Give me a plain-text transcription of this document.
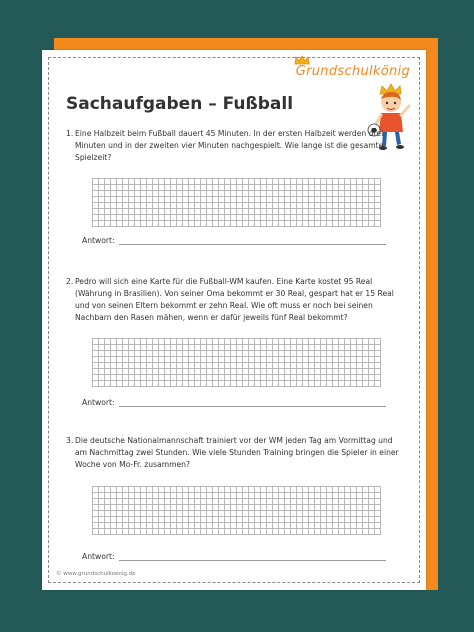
Grundschulkönig
Sachaufgaben – Fußball
1. Eine Halbzeit beim Fußball dauert 45 Minuten. In der ersten Halbzeit werden drei Minuten und in der zweiten vier Minuten nachgespielt. Wie lange ist die gesamte Spielzeit?
Antwort:
2. Pedro will sich eine Karte für die Fußball-WM kaufen. Eine Karte kostet 95 Real (Währung in Brasilien). Von seiner Oma bekommt er 30 Real, gespart hat er 15 Real und von seinen Eltern bekommt er zehn Real. Wie oft muss er noch bei seinen Nachbarn den Rasen mähen, wenn er dafür jeweils fünf Real bekommt?
Antwort:
3. Die deutsche Nationalmannschaft trainiert vor der WM jeden Tag am Vormittag und am Nachmittag zwei Stunden. Wie viele Stunden Training bringen die Spieler in einer Woche von Mo-Fr. zusammen?
Antwort:
© www.grundschulkoenig.de
